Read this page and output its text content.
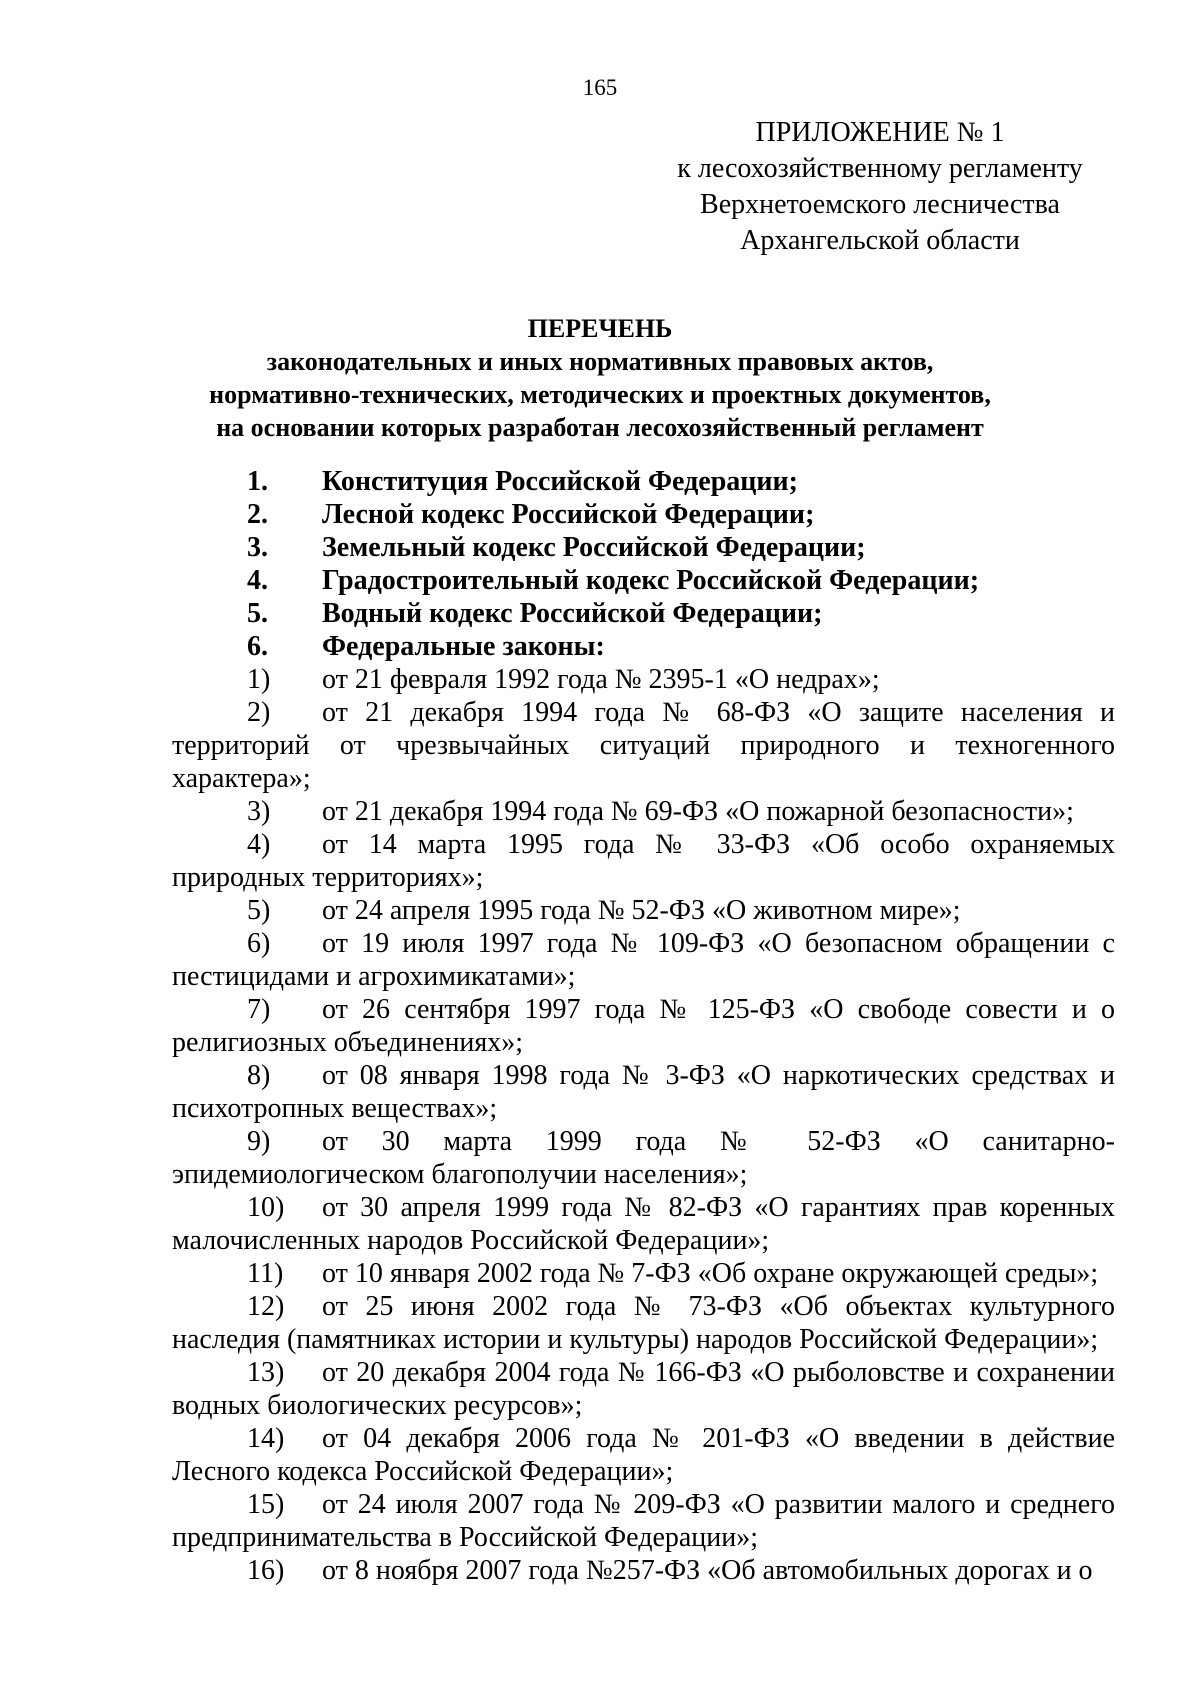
165
ПРИЛОЖЕНИЕ № 1
к лесохозяйственному регламенту
Верхнетоемского лесничества
Архангельской области
ПЕРЕЧЕНЬ
законодательных и иных нормативных правовых актов,
нормативно-технических, методических и проектных документов,
на основании которых разработан лесохозяйственный регламент

1. Конституция Российской Федерации;

2. Лесной кодекс Российской Федерации;

3. Земельный кодекс Российской Федерации;

4. Градостроительный кодекс Российской Федерации;

5. Водный кодекс Российской Федерации;

6. Федеральные законы:

1) от 21 февраля 1992 года № 2395-1 «О недрах»;

2) от 21 декабря 1994 года № 68-ФЗ «О защите населения и территорий от чрезвычайных ситуаций природного и техногенного характера»;

3) от 21 декабря 1994 года № 69-ФЗ «О пожарной безопасности»;

4) от 14 марта 1995 года № 33-ФЗ «Об особо охраняемых природных территориях»;

5) от 24 апреля 1995 года № 52-ФЗ «О животном мире»;

6) от 19 июля 1997 года № 109-ФЗ «О безопасном обращении с пестицидами и агрохимикатами»;

7) от 26 сентября 1997 года № 125-ФЗ «О свободе совести и о религиозных объединениях»;

8) от 08 января 1998 года № 3-ФЗ «О наркотических средствах и психотропных веществах»;

9) от 30 марта 1999 года № 52-ФЗ «О санитарно-эпидемиологическом благополучии населения»;

10) от 30 апреля 1999 года № 82-ФЗ «О гарантиях прав коренных малочисленных народов Российской Федерации»;

11) от 10 января 2002 года № 7-ФЗ «Об охране окружающей среды»;

12) от 25 июня 2002 года № 73-ФЗ «Об объектах культурного наследия (памятниках истории и культуры) народов Российской Федерации»;

13) от 20 декабря 2004 года № 166-ФЗ «О рыболовстве и сохранении водных биологических ресурсов»;

14) от 04 декабря 2006 года № 201-ФЗ «О введении в действие Лесного кодекса Российской Федерации»;

15) от 24 июля 2007 года № 209-ФЗ «О развитии малого и среднего предпринимательства в Российской Федерации»;

16) от 8 ноября 2007 года №257-ФЗ «Об автомобильных дорогах и о
